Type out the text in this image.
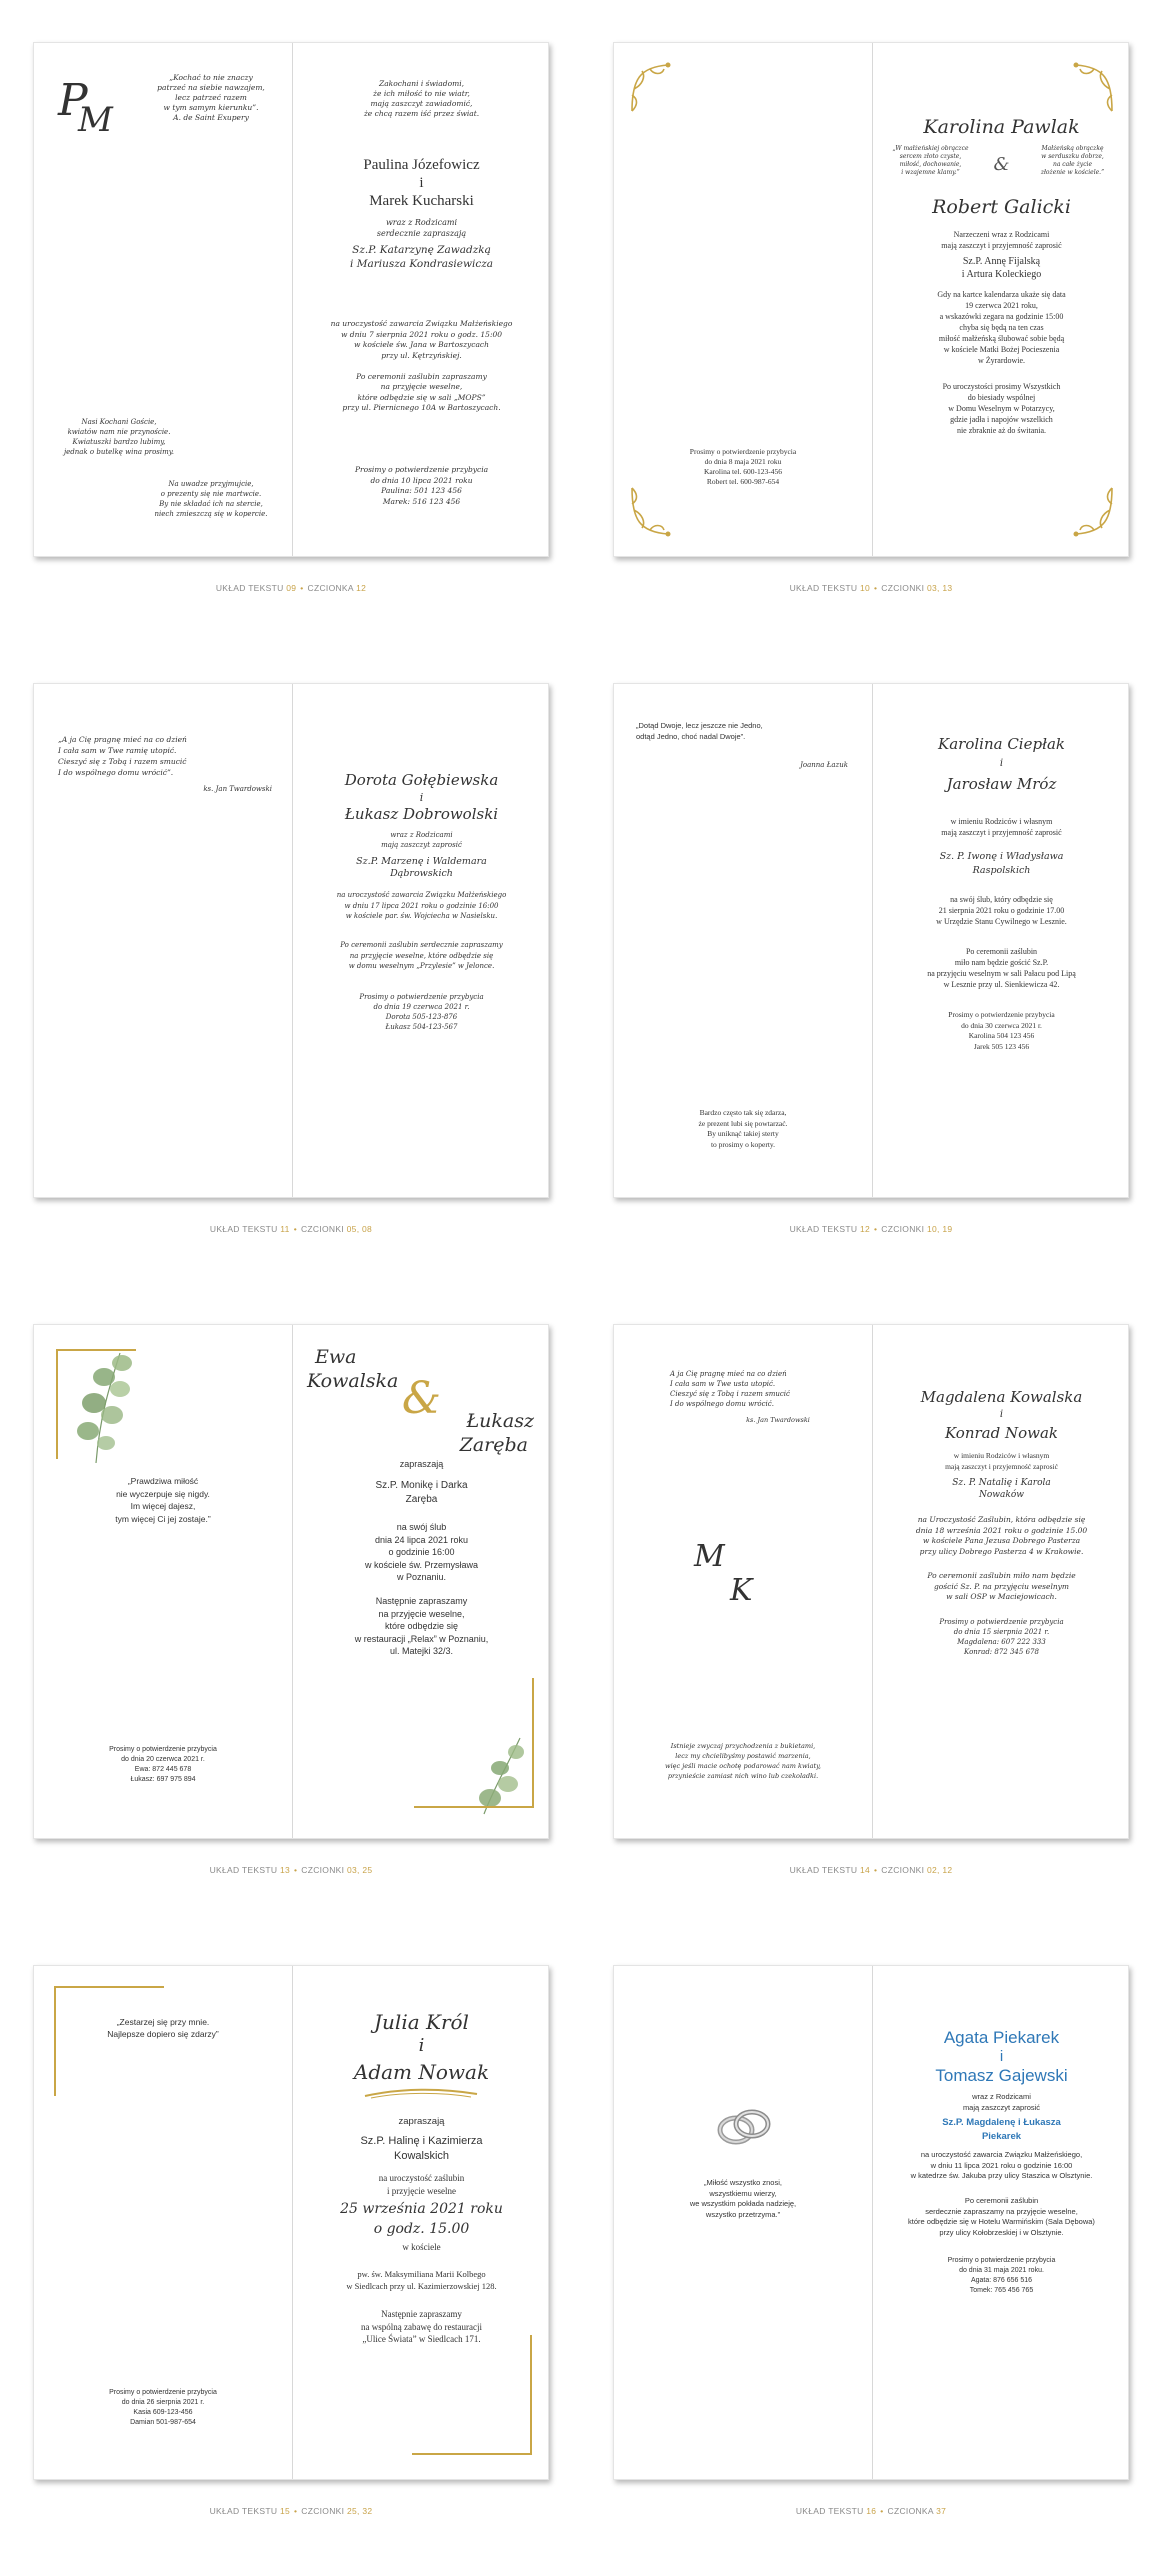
P
M
„Kochać to nie znaczy
patrzeć na siebie nawzajem,
lecz patrzeć razem
w tym samym kierunku”.
A. de Saint Exupery
Nasi Kochani Goście,
kwiatów nam nie przynoście.
Kwiatuszki bardzo lubimy,
jednak o butelkę wina prosimy.
Na uwadze przyjmujcie,
o prezenty się nie martwcie.
By nie składać ich na stercie,
niech zmieszczą się w kopercie.
Zakochani i świadomi,
że ich miłość to nie wiatr,
mają zaszczyt zawiadomić,
że chcą razem iść przez świat.
Paulina Józefowicz
i
Marek Kucharski
wraz z Rodzicami
serdecznie zapraszają
Sz.P. Katarzynę Zawadzką
i Mariusza Kondrasiewicza
na uroczystość zawarcia Związku Małżeńskiego
w dniu 7 sierpnia 2021 roku o godz. 15:00
w kościele św. Jana w Bartoszycach
przy ul. Kętrzyńskiej.

Po ceremonii zaślubin zapraszamy
na przyjęcie weselne,
które odbędzie się w sali „MOPS”
przy ul. Piernicnego 10A w Bartoszycach.
Prosimy o potwierdzenie przybycia
do dnia 10 lipca 2021 roku
Paulina: 501 123 456
Marek: 516 123 456
UKŁAD TEKSTU 09 • CZCIONKA 12
Prosimy o potwierdzenie przybycia
do dnia 8 maja 2021 roku
Karolina tel. 600-123-456
Robert tel. 600-987-654
Karolina Pawlak
„W małżeńskiej obrączce
sercem złoto czyste,
miłość, dochowanie,
i wzajemne klamy.”	&
Małżeńską obrączkę
w serduszku dobrze,
na całe życie
złożenie w kościele.”
Robert Galicki
Narzeczeni wraz z Rodzicami
mają zaszczyt i przyjemność zaprosić
Sz.P. Annę Fijalską
i Artura Koleckiego
Gdy na kartce kalendarza ukaże się data
19 czerwca 2021 roku,
a wskazówki zegara na godzinie 15:00
chyba się będą na ten czas
miłość małżeńską ślubować sobie będą
w kościele Matki Bożej Pocieszenia
w Żyrardowie.
Po uroczystości prosimy Wszystkich
do biesiady wspólnej
w Domu Weselnym w Potarzycy,
gdzie jadła i napojów wszelkich
nie zbraknie aż do świtania.
UKŁAD TEKSTU 10 • CZCIONKI 03, 13
„A ja Cię pragnę mieć na co dzień
I cała sam w Twe ramię utopić.
Cieszyć się z Tobą i razem smucić
I do wspólnego domu wrócić”.
ks. Jan Twardowski	Dorota Gołębiewska
i
Łukasz Dobrowolski
wraz z Rodzicami
mają zaszczyt zaprosić
Sz.P. Marzenę i Waldemara
Dąbrowskich
na uroczystość zawarcia Związku Małżeńskiego
w dniu 17 lipca 2021 roku o godzinie 16:00
w kościele par. św. Wojciecha w Nasielsku.
Po ceremonii zaślubin serdecznie zapraszamy
na przyjęcie weselne, które odbędzie się
w domu weselnym „Przylesie” w Jelonce.
Prosimy o potwierdzenie przybycia
do dnia 19 czerwca 2021 r.
Dorota 505-123-876
Łukasz 504-123-567
UKŁAD TEKSTU 11 • CZCIONKI 05, 08
„Dotąd Dwoje, lecz jeszcze nie Jedno,
odtąd Jedno, choć nadal Dwoje”.
Joanna Łazuk
Bardzo często tak się zdarza,
że prezent lubi się powtarzać.
By uniknąć takiej sterty
to prosimy o koperty.
Karolina Ciepłak
i
Jarosław Mróz
w imieniu Rodziców i własnym
mają zaszczyt i przyjemność zaprosić
Sz. P. Iwonę i Władysława
Raspolskich
na swój ślub, który odbędzie się
21 sierpnia 2021 roku o godzinie 17.00
w Urzędzie Stanu Cywilnego w Lesznie.
Po ceremonii zaślubin
miło nam będzie gościć Sz.P.
na przyjęciu weselnym w sali Pałacu pod Lipą
w Lesznie przy ul. Sienkiewicza 42.
Prosimy o potwierdzenie przybycia
do dnia 30 czerwca 2021 r.
Karolina 504 123 456
Jarek 505 123 456
UKŁAD TEKSTU 12 • CZCIONKI 10, 19
„Prawdziwa miłość
nie wyczerpuje się nigdy.
Im więcej dajesz,
tym więcej Ci jej zostaje.”
Prosimy o potwierdzenie przybycia
do dnia 20 czerwca 2021 r.
Ewa: 872 445 678
Łukasz: 697 975 894
Ewa
Kowalska &	Łukasz
Zaręba
zapraszają
Sz.P. Monikę i Darka
Zaręba
na swój ślub
dnia 24 lipca 2021 roku
o godzinie 16:00
w kościele św. Przemysława
w Poznaniu.
Następnie zapraszamy
na przyjęcie weselne,
które odbędzie się
w restauracji „Relax” w Poznaniu,
ul. Matejki 32/3.
UKŁAD TEKSTU 13 • CZCIONKI 03, 25
A ja Cię pragnę mieć na co dzień
I cała sam w Twe usta utopić.
Cieszyć się z Tobą i razem smucić
I do wspólnego domu wrócić.
ks. Jan Twardowski
M
K
Istnieje zwyczaj przychodzenia z bukietami,
lecz my chcielibyśmy postawić marzenia,
więc jeśli macie ochotę podarować nam kwiaty,
przynieście zamiast nich wino lub czekoladki.
Magdalena Kowalska
i
Konrad Nowak
w imieniu Rodziców i własnym
mają zaszczyt i przyjemność zaprosić
Sz. P. Natalię i Karola
Nowaków
na Uroczystość Zaślubin, która odbędzie się
dnia 18 września 2021 roku o godzinie 15.00
w kościele Pana Jezusa Dobrego Pasterza
przy ulicy Dobrego Pasterza 4 w Krakowie.
Po ceremonii zaślubin miło nam będzie
gościć Sz. P. na przyjęciu weselnym
w sali OSP w Maciejowicach.
Prosimy o potwierdzenie przybycia
do dnia 15 sierpnia 2021 r.
Magdalena: 607 222 333
Konrad: 872 345 678
UKŁAD TEKSTU 14 • CZCIONKI 02, 12
„Zestarzej się przy mnie.
Najlepsze dopiero się zdarzy”
Prosimy o potwierdzenie przybycia
do dnia 26 sierpnia 2021 r.
Kasia 609-123-456
Damian 501-987-654
Julia Król
i
Adam Nowak
zapraszają
Sz.P. Halinę i Kazimierza
Kowalskich
na uroczystość zaślubin
i przyjęcie weselne
25 września 2021 roku
o godz. 15.00
w kościele
pw. św. Maksymiliana Marii Kolbego
w Siedlcach przy ul. Kazimierzowskiej 128.
Następnie zapraszamy
na wspólną zabawę do restauracji
„Ulice Świata” w Siedlcach 171.
UKŁAD TEKSTU 15 • CZCIONKI 25, 32
„Miłość wszystko znosi,
wszystkiemu wierzy,
we wszystkim pokłada nadzieję,
wszystko przetrzyma.”
Agata Piekarek
i
Tomasz Gajewski
wraz z Rodzicami
mają zaszczyt zaprosić
Sz.P. Magdalenę i Łukasza
Piekarek
na uroczystość zawarcia Związku Małżeńskiego,
w dniu 11 lipca 2021 roku o godzinie 16:00
w katedrze św. Jakuba przy ulicy Staszica w Olsztynie.
Po ceremonii zaślubin
serdecznie zapraszamy na przyjęcie weselne,
które odbędzie się w Hotelu Warmińskim (Sala Dębowa)
przy ulicy Kołobrzeskiej i w Olsztynie.
Prosimy o potwierdzenie przybycia
do dnia 31 maja 2021 roku.
Agata: 876 656 516
Tomek: 765 456 765
UKŁAD TEKSTU 16 • CZCIONKA 37
